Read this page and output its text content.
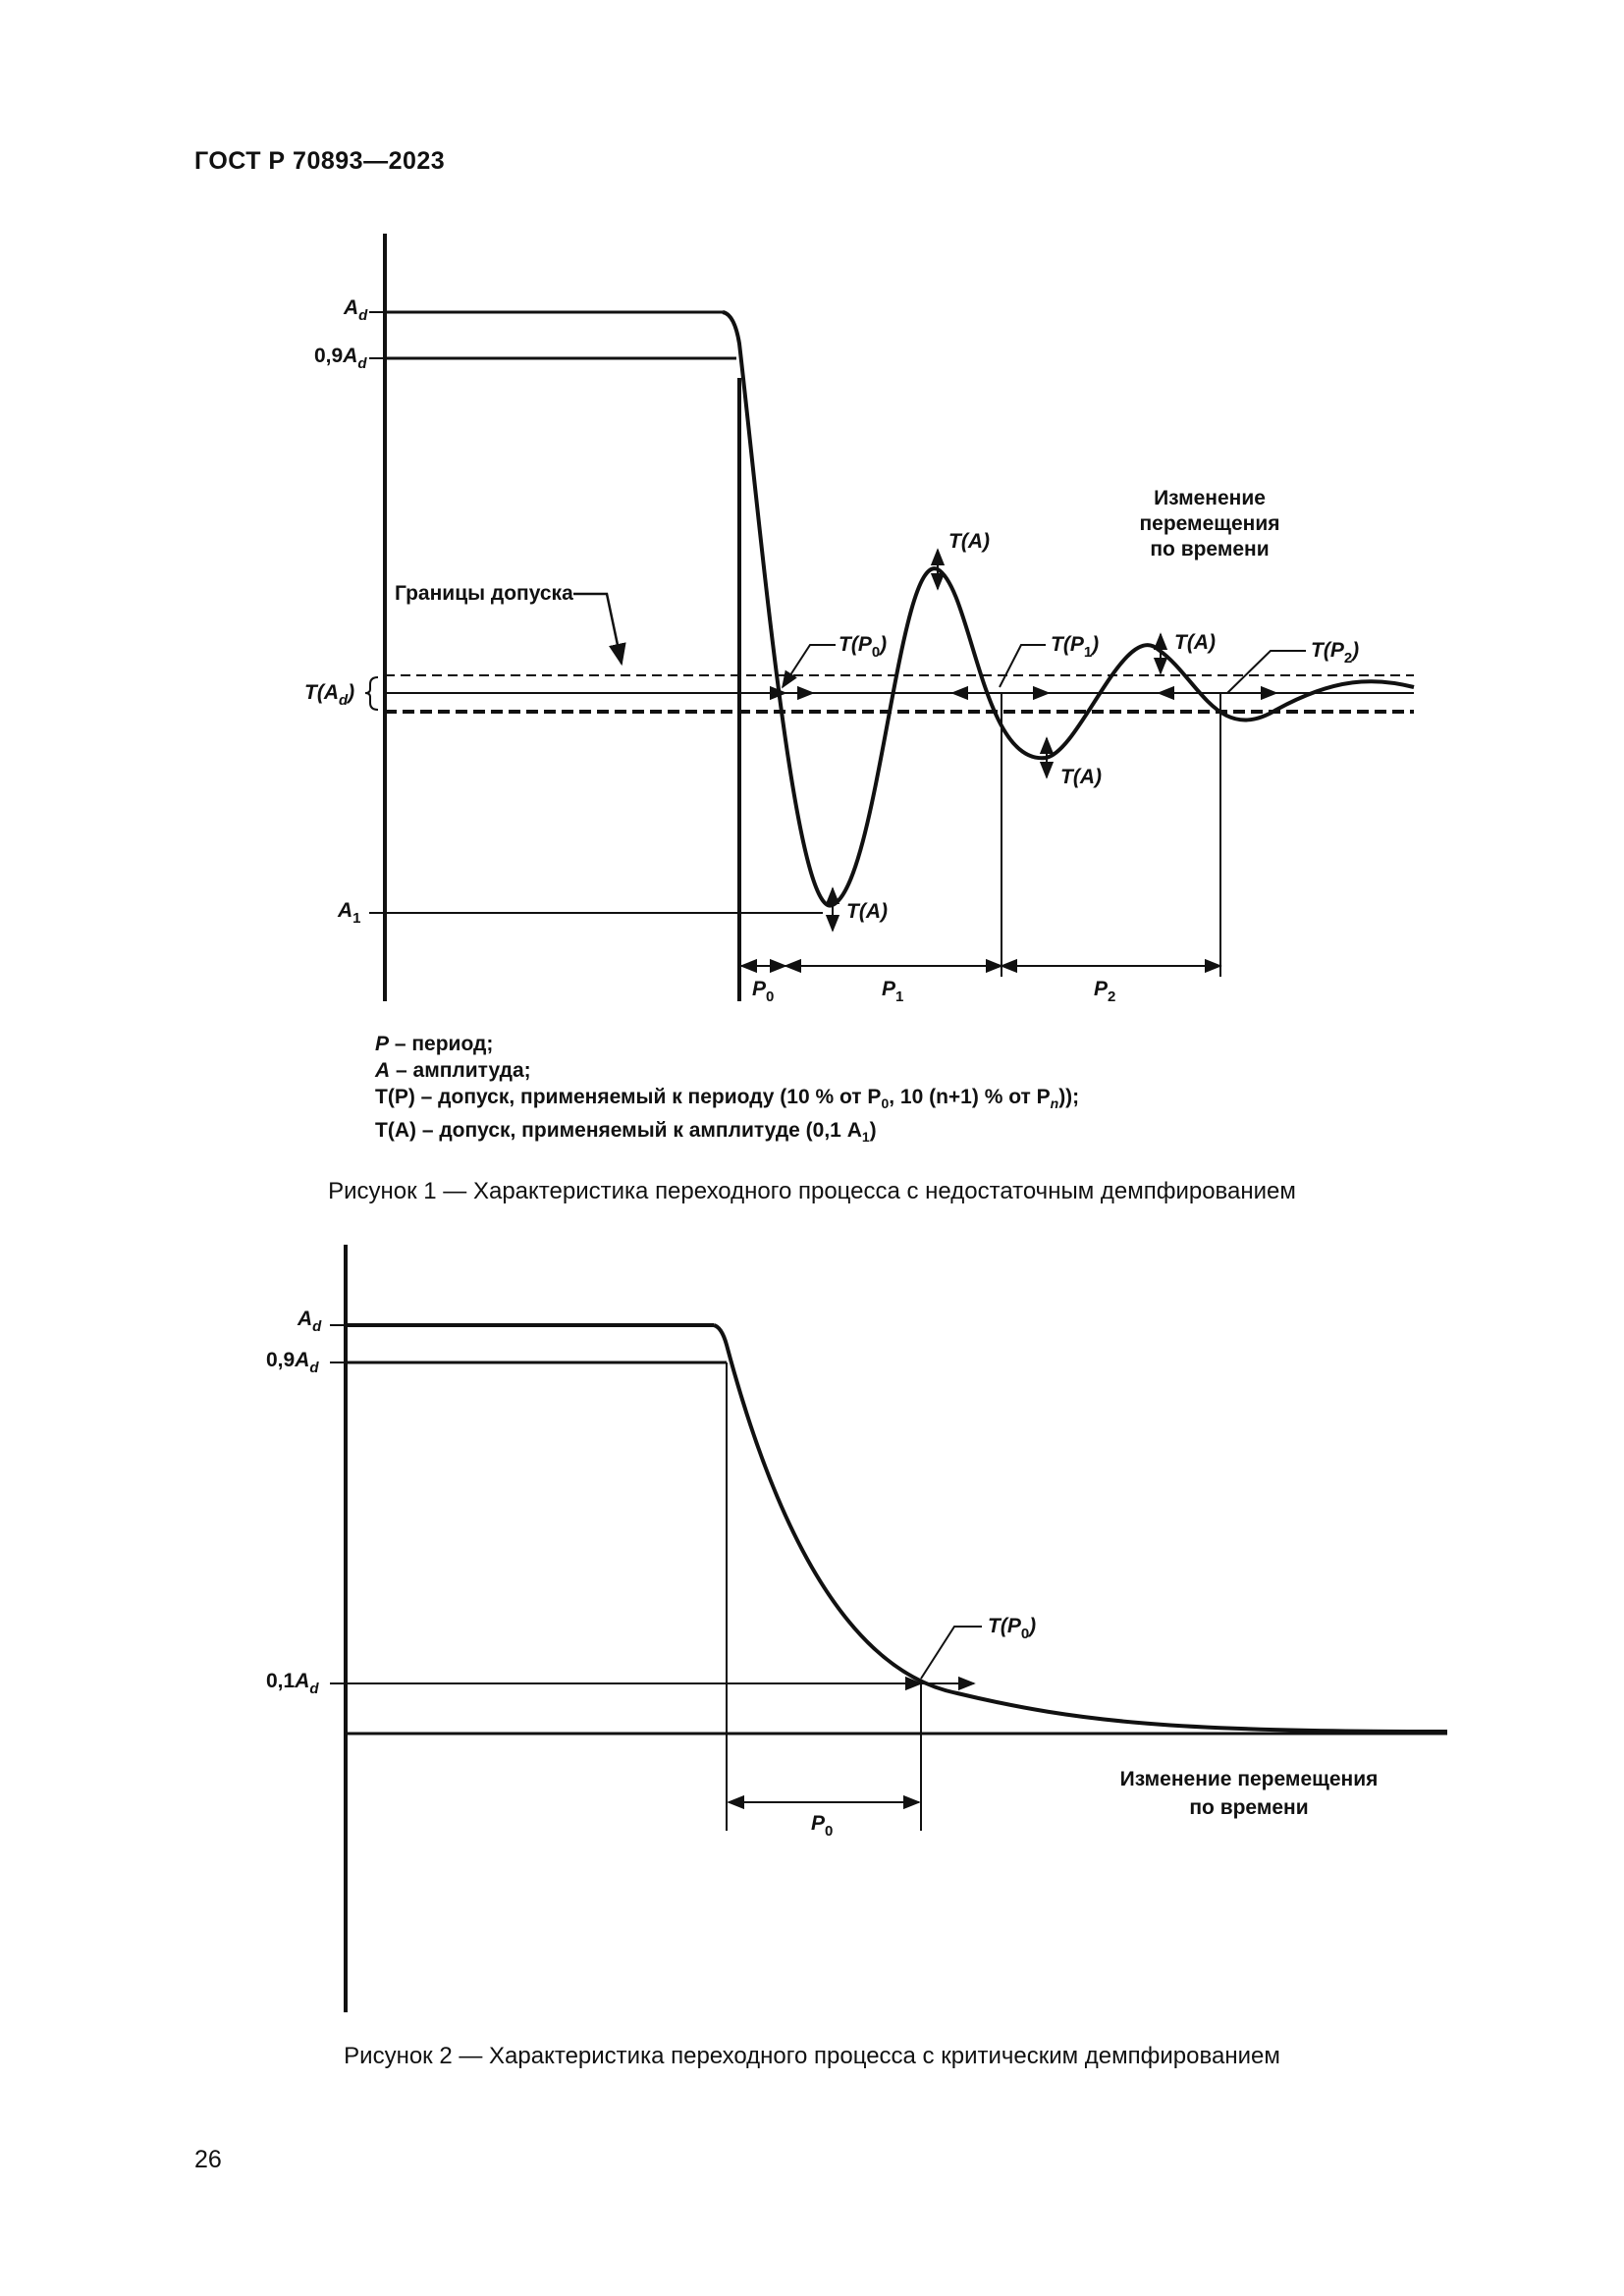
ГОСТ Р 70893—2023
$A_d$
$0,9A_d$
$T(A_d)$
$A_1$
Границы допуска
Изменение
перемещения
по времени
T(A)
$T(P_0)$	$T(P_1)$	T(A)	$T(P_2)$
T(A)
T(A)
$P_0$	$P_1$	$P_2$
$A_d$
$0,9A_d$
$0,1A_d$
$T(P_0)$
$P_0$
Изменение перемещения
по времени
P – период;
A – амплитуда;
T(P) – допуск, применяемый к периоду (10 % от $P_0$, 10 (n+1) % от $P_n$));
T(A) – допуск, применяемый к амплитуде (0,1 $A_1$)
Рисунок 1 — Характеристика переходного процесса с недостаточным демпфированием
Рисунок 2 — Характеристика переходного процесса с критическим демпфированием
26
